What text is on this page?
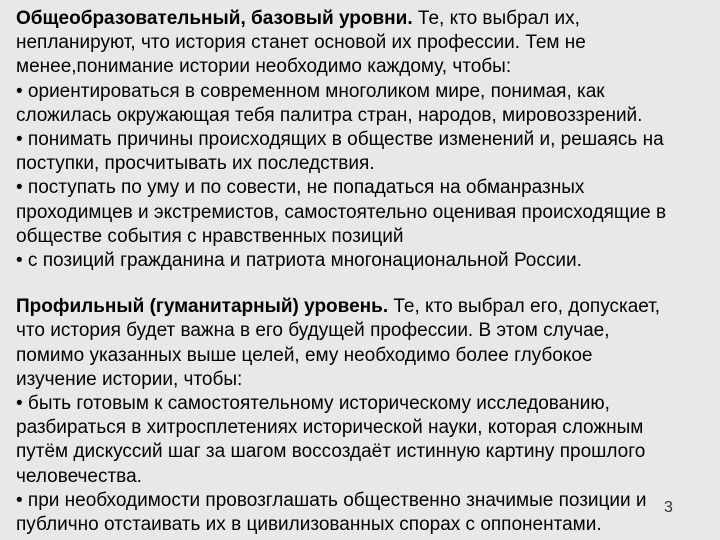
Общеобразовательный, базовый уровни. Те, кто выбрал их,
непланируют, что история станет основой их профессии. Тем не
менее,понимание истории необходимо каждому, чтобы:
• ориентироваться в современном многоликом мире, понимая, как
сложилась окружающая тебя палитра стран, народов, мировоззрений.
• понимать причины происходящих в обществе изменений и, решаясь на
поступки, просчитывать их последствия.
• поступать по уму и по совести, не попадаться на обманразных
проходимцев и экстремистов, самостоятельно оценивая происходящие в
обществе события с нравственных позиций
• с позиций гражданина и патриота многонациональной России.
Профильный (гуманитарный) уровень. Те, кто выбрал его, допускает,
что история будет важна в его будущей профессии. В этом случае,
помимо указанных выше целей, ему необходимо более глубокое
изучение истории, чтобы:
• быть готовым к самостоятельному историческому исследованию,
разбираться в хитросплетениях исторической науки, которая сложным
путём дискуссий шаг за шагом воссоздаёт истинную картину прошлого
человечества.
• при необходимости провозглашать общественно значимые позиции и
публично отстаивать их в цивилизованных спорах с оппонентами.
3
